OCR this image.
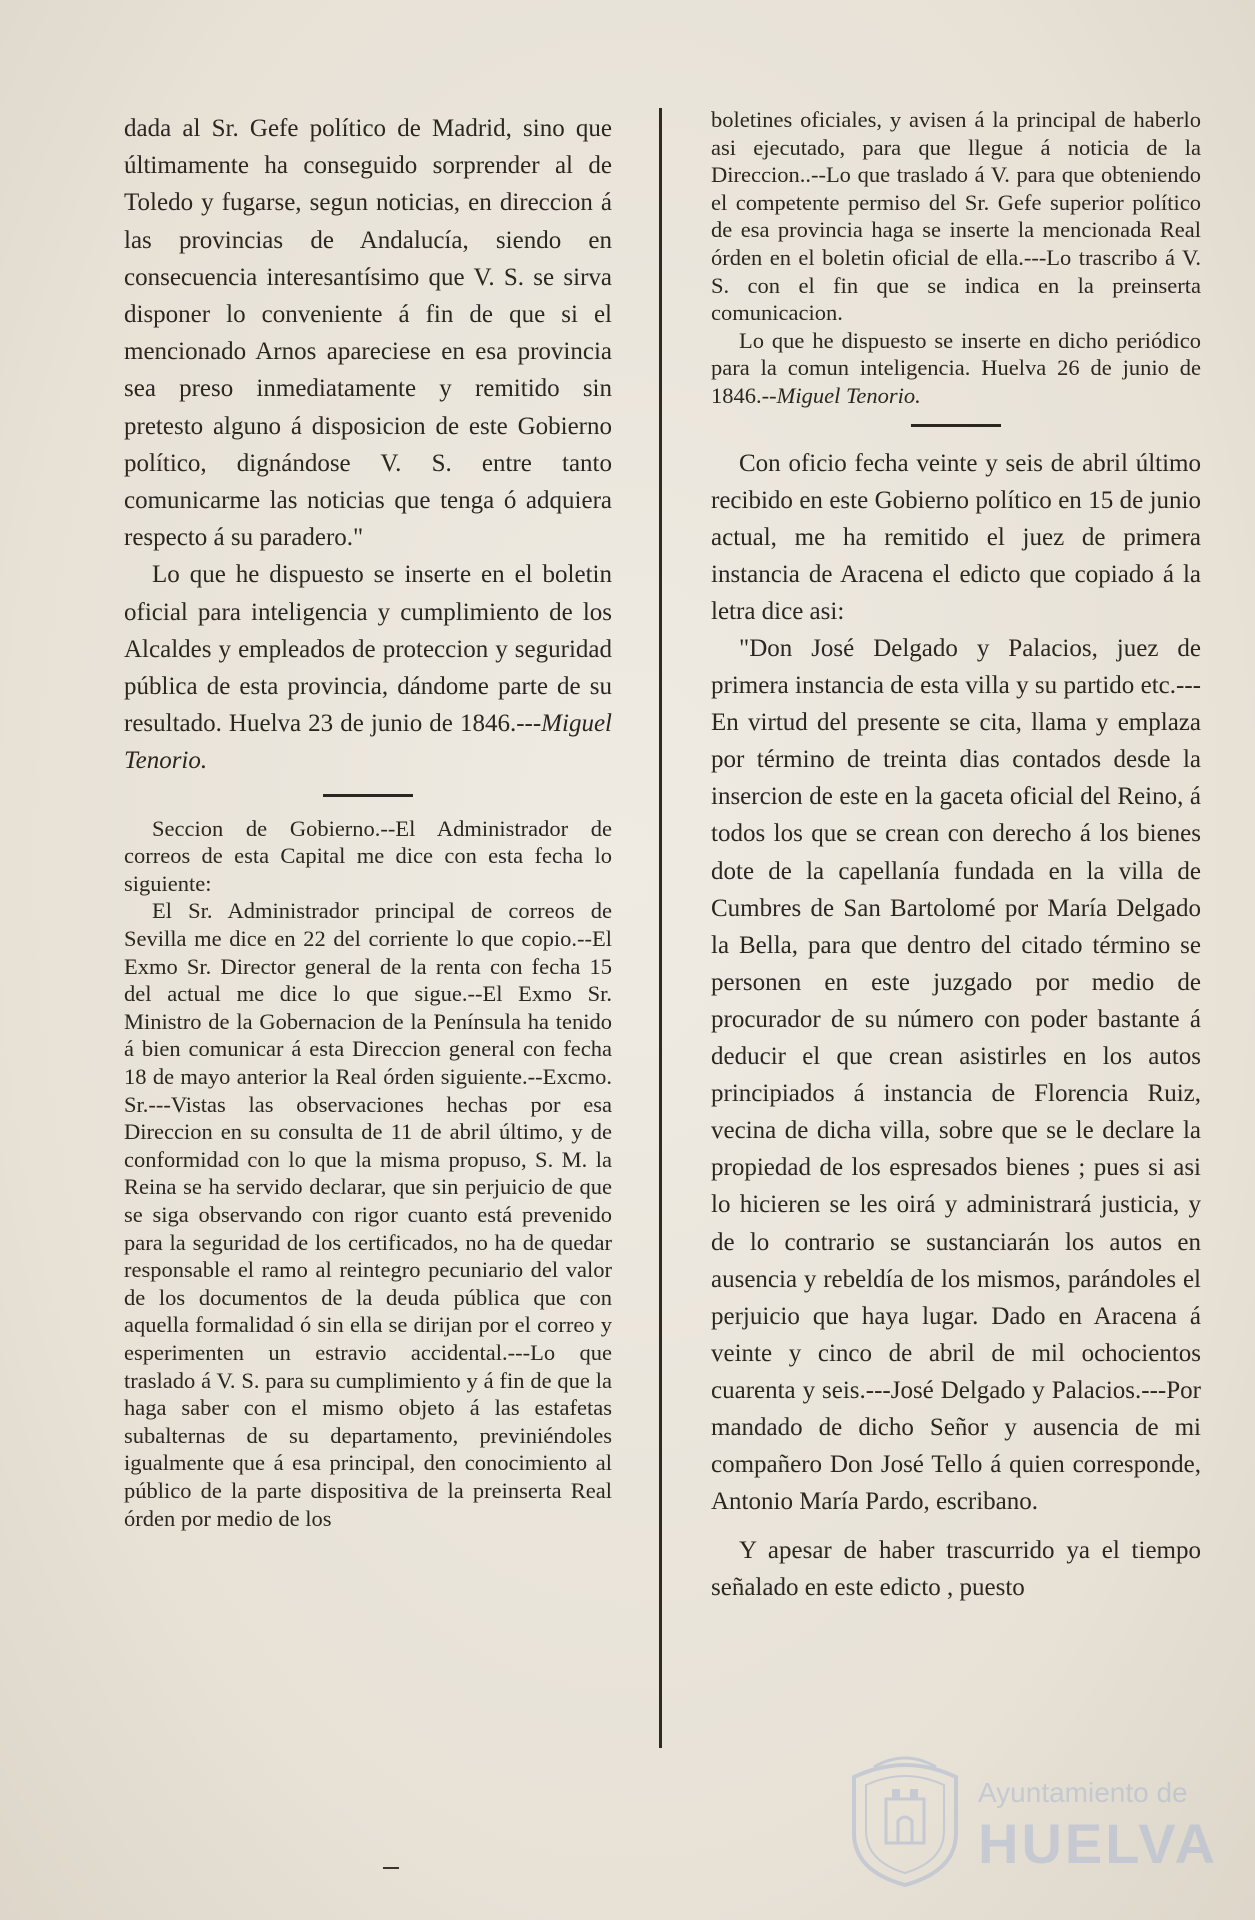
dada al Sr. Gefe político de Madrid, sino que últimamente ha conseguido sorprender al de Toledo y fugarse, segun noticias, en direccion á las provincias de Andalucía, siendo en consecuencia interesantísimo que V. S. se sirva disponer lo conveniente á fin de que si el mencionado Arnos apareciese en esa provincia sea preso inmediatamente y remitido sin pretesto alguno á disposicion de este Gobierno político, dignándose V. S. entre tanto comunicarme las noticias que tenga ó adquiera respecto á su paradero."

Lo que he dispuesto se inserte en el boletin oficial para inteligencia y cumplimiento de los Alcaldes y empleados de proteccion y seguridad pública de esta provincia, dándome parte de su resultado. Huelva 23 de junio de 1846.---Miguel Tenorio.

Seccion de Gobierno.--El Administrador de correos de esta Capital me dice con esta fecha lo siguiente:

El Sr. Administrador principal de correos de Sevilla me dice en 22 del corriente lo que copio.--El Exmo Sr. Director general de la renta con fecha 15 del actual me dice lo que sigue.--El Exmo Sr. Ministro de la Gobernacion de la Península ha tenido á bien comunicar á esta Direccion general con fecha 18 de mayo anterior la Real órden siguiente.--Excmo. Sr.---Vistas las observaciones hechas por esa Direccion en su consulta de 11 de abril último, y de conformidad con lo que la misma propuso, S. M. la Reina se ha servido declarar, que sin perjuicio de que se siga observando con rigor cuanto está prevenido para la seguridad de los certificados, no ha de quedar responsable el ramo al reintegro pecuniario del valor de los documentos de la deuda pública que con aquella formalidad ó sin ella se dirijan por el correo y esperimenten un estravio accidental.---Lo que traslado á V. S. para su cumplimiento y á fin de que la haga saber con el mismo objeto á las estafetas subalternas de su departamento, previniéndoles igualmente que á esa principal, den conocimiento al público de la parte dispositiva de la preinserta Real órden por medio de los

boletines oficiales, y avisen á la principal de haberlo asi ejecutado, para que llegue á noticia de la Direccion..--Lo que traslado á V. para que obteniendo el competente permiso del Sr. Gefe superior político de esa provincia haga se inserte la mencionada Real órden en el boletin oficial de ella.---Lo trascribo á V. S. con el fin que se indica en la preinserta comunicacion.

Lo que he dispuesto se inserte en dicho periódico para la comun inteligencia. Huelva 26 de junio de 1846.--Miguel Tenorio.

Con oficio fecha veinte y seis de abril último recibido en este Gobierno político en 15 de junio actual, me ha remitido el juez de primera instancia de Aracena el edicto que copiado á la letra dice asi:

"Don José Delgado y Palacios, juez de primera instancia de esta villa y su partido etc.---En virtud del presente se cita, llama y emplaza por término de treinta dias contados desde la insercion de este en la gaceta oficial del Reino, á todos los que se crean con derecho á los bienes dote de la capellanía fundada en la villa de Cumbres de San Bartolomé por María Delgado la Bella, para que dentro del citado término se personen en este juzgado por medio de procurador de su número con poder bastante á deducir el que crean asistirles en los autos principiados á instancia de Florencia Ruiz, vecina de dicha villa, sobre que se le declare la propiedad de los espresados bienes ; pues si asi lo hicieren se les oirá y administrará justicia, y de lo contrario se sustanciarán los autos en ausencia y rebeldía de los mismos, parándoles el perjuicio que haya lugar. Dado en Aracena á veinte y cinco de abril de mil ochocientos cuarenta y seis.---José Delgado y Palacios.---Por mandado de dicho Señor y ausencia de mi compañero Don José Tello á quien corresponde, Antonio María Pardo, escribano.

Y apesar de haber trascurrido ya el tiempo señalado en este edicto , puesto

Ayuntamiento de
HUELVA
